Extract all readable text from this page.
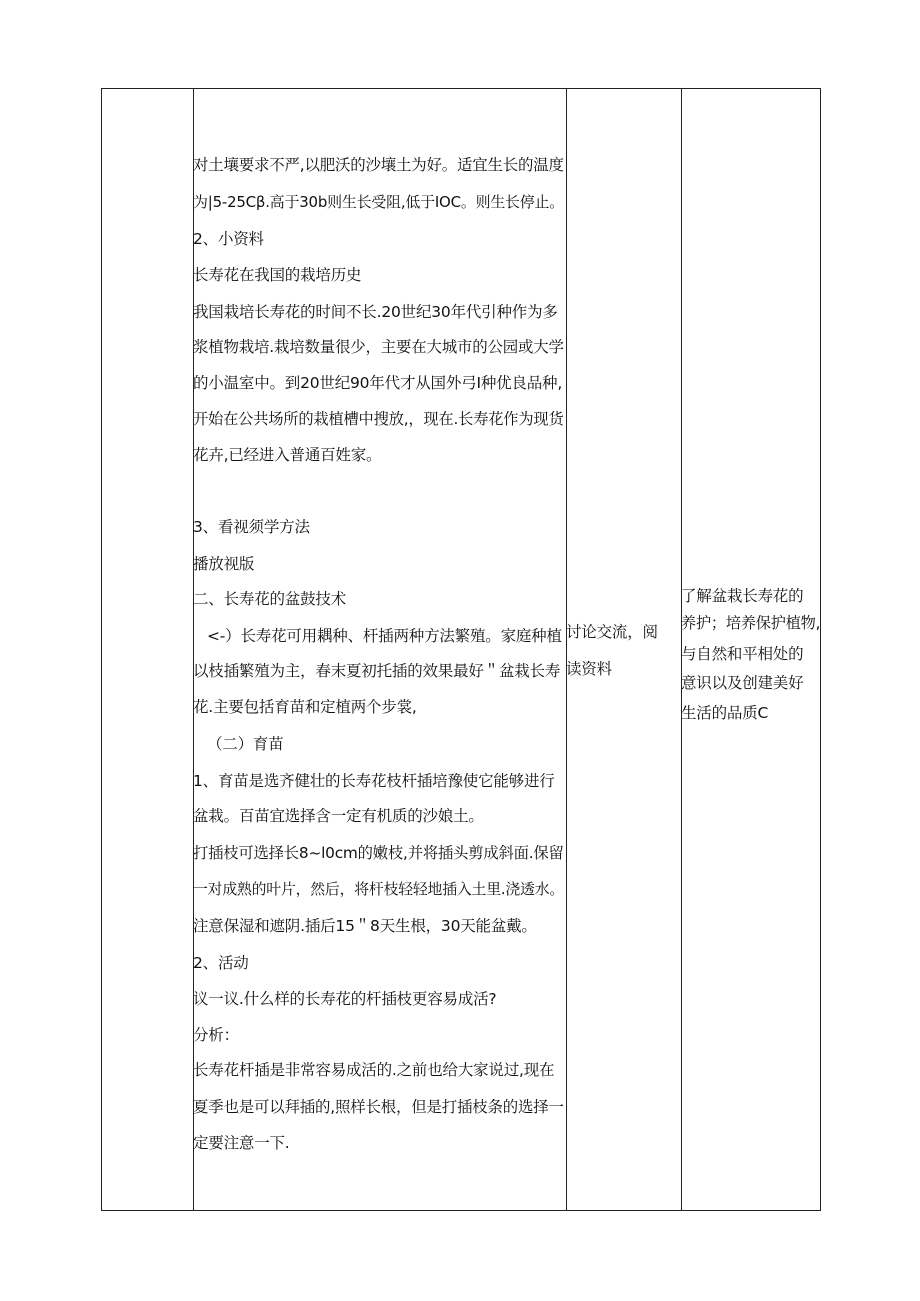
对土壤要求不严,以肥沃的沙壤土为好。适宜生长的温度
为|5-25Cβ.高于30b则生长受阻,低于IOC。则生长停止。
2、小资料
长寿花在我国的栽培历史
我国栽培长寿花的时间不长.20世纪30年代引种作为多
浆植物栽培.栽培数量很少，主要在大城市的公园或大学
的小温室中。到20世纪90年代才从国外弓I种优良品种,
开始在公共场所的栽植槽中搜放,，现在.长寿花作为现货
花卉,已经进入普通百姓家。
3、看视须学方法
播放视版
二、长寿花的盆鼓技术
<-）长寿花可用耦种、杆插两种方法繁殖。家庭种植
以枝插繁殖为主，春末夏初托插的效果最好＂盆栽长寿
花.主要包括育苗和定植两个步裳,
（二）育苗
1、育苗是选齐健壮的长寿花枝杆插培豫使它能够进行
盆栽。百苗宜选择含一定有机质的沙娘土。
打插枝可选择长8~l0cm的嫩枝,并将插头剪成斜面.保留
一对成熟的叶片，然后，将杆枝轻轻地插入土里.浇透水。
注意保湿和遮阴.插后15＂8天生根，30天能盆戴。
2、活动
议一议.什么样的长寿花的杆插枝更容易成活?
分析：
长寿花杆插是非常容易成活的.之前也给大家说过,现在
夏季也是可以拜插的,照样长根，但是打插枝条的选择一
定要注意一下.
讨论交流，阅
读资料
了解盆栽长寿花的
养护；培养保护植物,
与自然和平相处的
意识以及创建美好
生活的品质C
